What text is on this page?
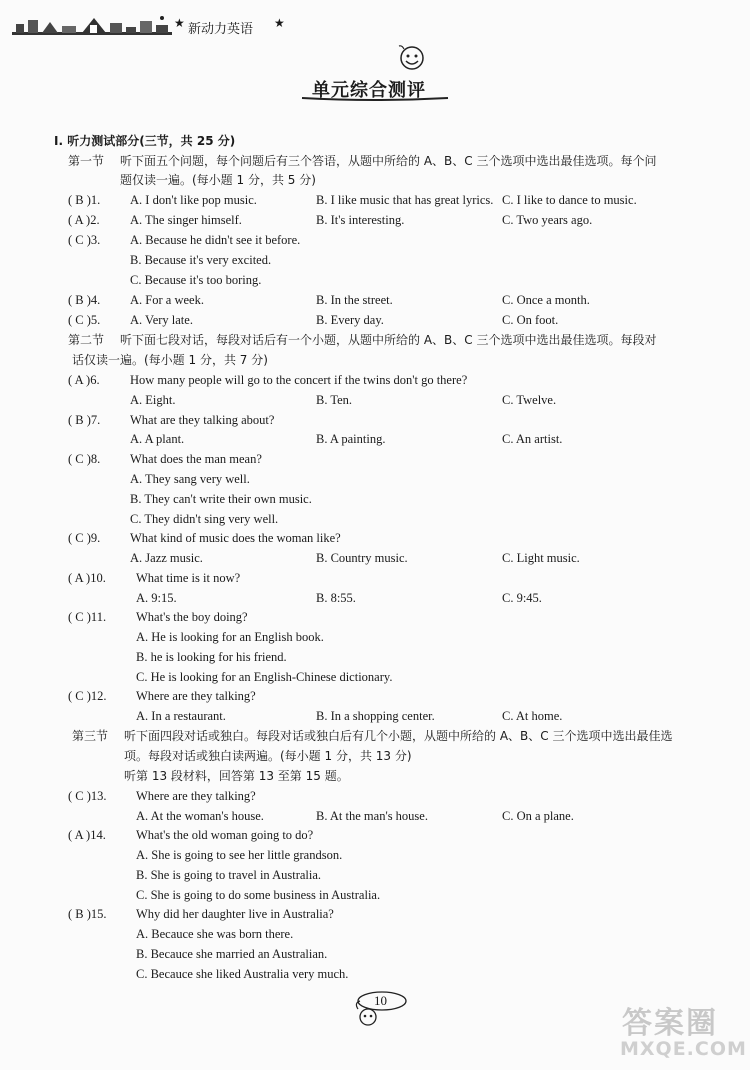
★ 新动力英语 ★
单元综合测评
I. 听力测试部分(三节，共 25 分)
第一节 听下面五个问题，每个问题后有三个答语，从题中所给的 A、B、C 三个选项中选出最佳选项。每个问
题仅读一遍。(每小题 1 分，共 5 分)
( B )1. A. I don't like pop music.	B. I like music that has great lyrics. C. I like to dance to music.
( A )2. A. The singer himself.	B. It's interesting.	C. Two years ago.
( C )3. A. Because he didn't see it before.
B. Because it's very excited.
C. Because it's too boring.
( B )4. A. For a week.	B. In the street.	C. Once a month.
( C )5. A. Very late.	B. Every day.	C. On foot.
第二节 听下面七段对话，每段对话后有一个小题，从题中所给的 A、B、C 三个选项中选出最佳选项。每段对
话仅读一遍。(每小题 1 分，共 7 分)
( A )6. How many people will go to the concert if the twins don't go there?
A. Eight.	B. Ten.	C. Twelve.
( B )7. What are they talking about?
A. A plant.	B. A painting.	C. An artist.
( C )8. What does the man mean?
A. They sang very well.
B. They can't write their own music.
C. They didn't sing very well.
( C )9. What kind of music does the woman like?
A. Jazz music.	B. Country music.	C. Light music.
( A )10. What time is it now?
A. 9:15.	B. 8:55.	C. 9:45.
( C )11. What's the boy doing?
A. He is looking for an English book.
B. he is looking for his friend.
C. He is looking for an English-Chinese dictionary.
( C )12. Where are they talking?
A. In a restaurant.	B. In a shopping center.	C. At home.
第三节 听下面四段对话或独白。每段对话或独白后有几个小题，从题中所给的 A、B、C 三个选项中选出最佳选
项。每段对话或独白读两遍。(每小题 1 分，共 13 分)
听第 13 段材料，回答第 13 至第 15 题。
( C )13. Where are they talking?
A. At the woman's house.	B. At the man's house.	C. On a plane.
( A )14. What's the old woman going to do?
A. She is going to see her little grandson.
B. She is going to travel in Australia.
C. She is going to do some business in Australia.
( B )15. Why did her daughter live in Australia?
A. Becauce she was born there.
B. Becauce she married an Australian.
C. Becauce she liked Australia very much.
10
答案圈
MXQE.COM
